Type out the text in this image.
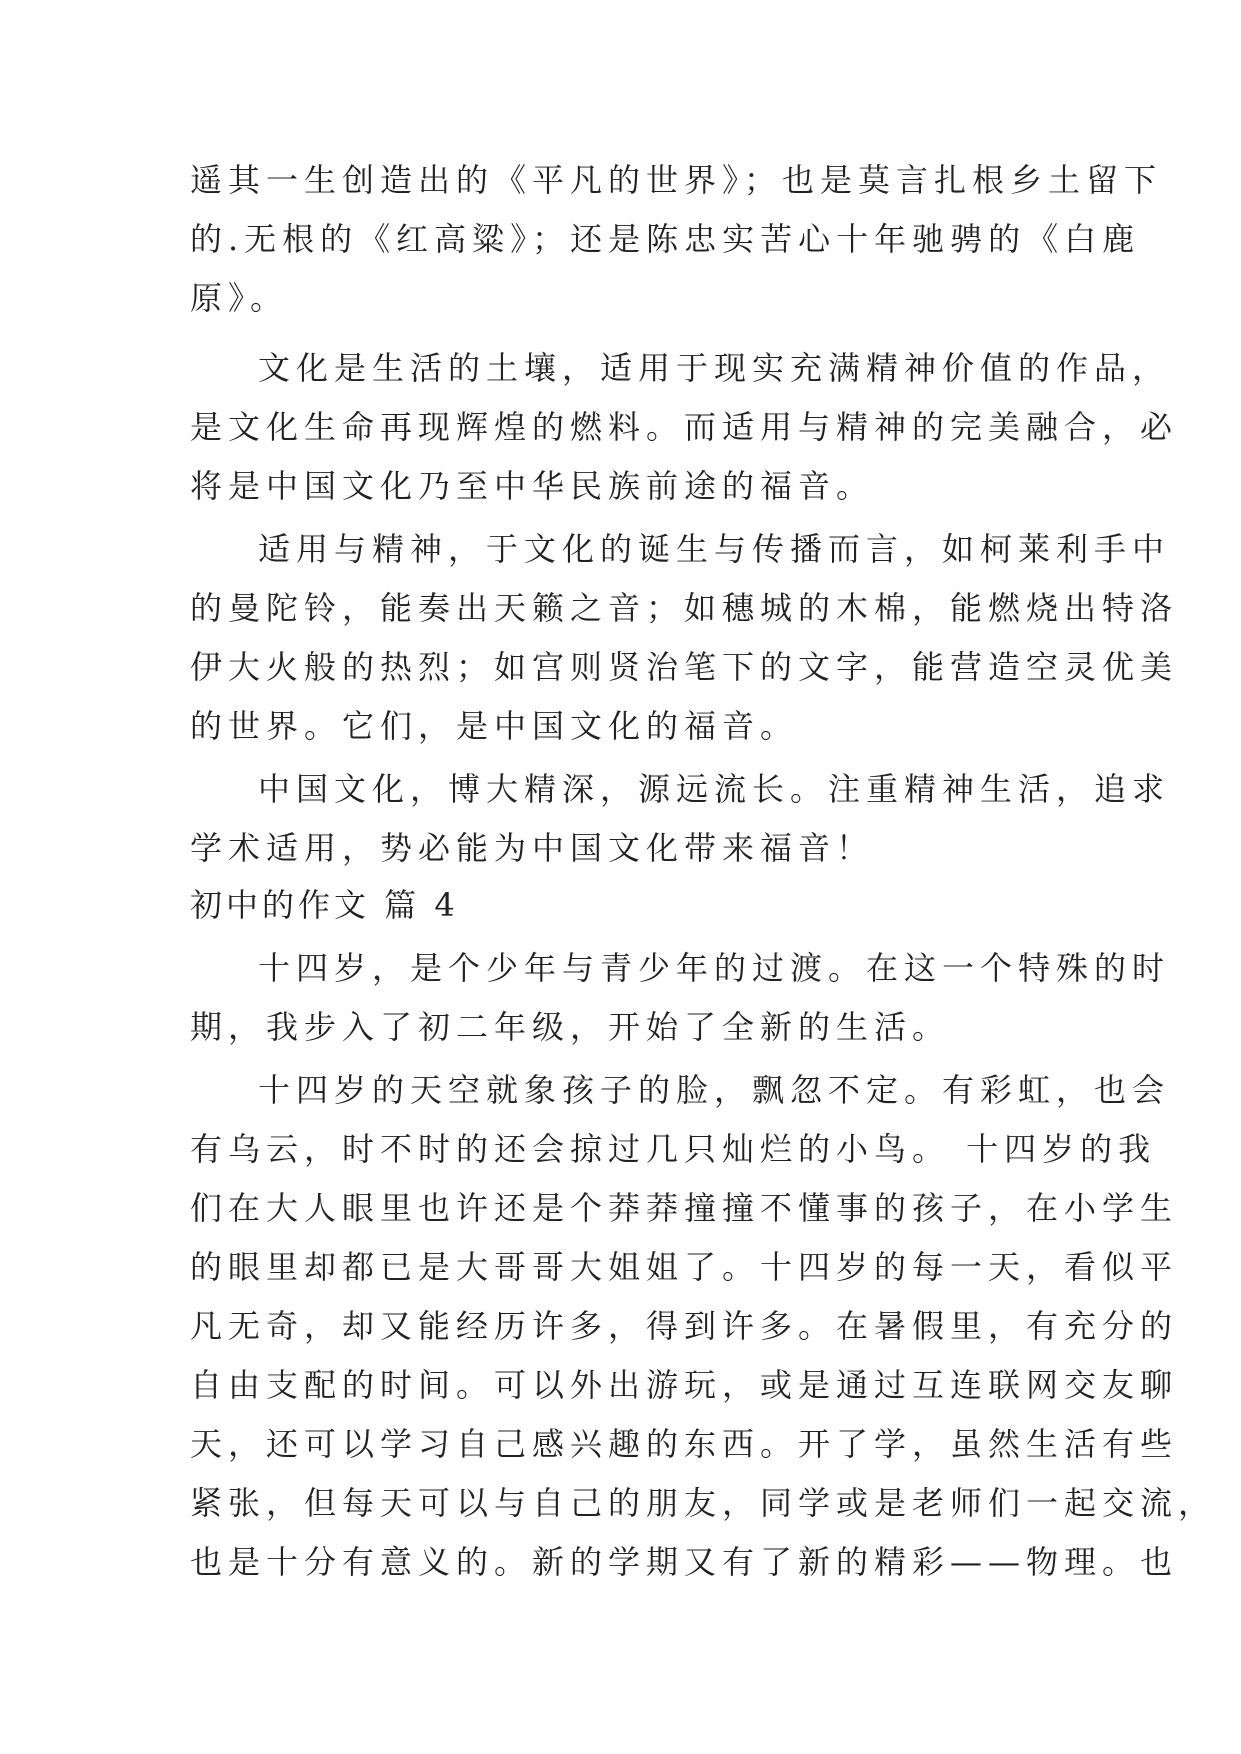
遥其一生创造出的《平凡的世界》；也是莫言扎根乡土留下
的.无根的《红高粱》；还是陈忠实苦心十年驰骋的《白鹿
原》。
文化是生活的土壤，适用于现实充满精神价值的作品，
是文化生命再现辉煌的燃料。而适用与精神的完美融合，必
将是中国文化乃至中华民族前途的福音。
适用与精神，于文化的诞生与传播而言，如柯莱利手中
的曼陀铃，能奏出天籁之音；如穗城的木棉，能燃烧出特洛
伊大火般的热烈；如宫则贤治笔下的文字，能营造空灵优美
的世界。它们，是中国文化的福音。
中国文化，博大精深，源远流长。注重精神生活，追求
学术适用，势必能为中国文化带来福音！
初中的作文 篇 4
十四岁，是个少年与青少年的过渡。在这一个特殊的时
期，我步入了初二年级，开始了全新的生活。
十四岁的天空就象孩子的脸，飘忽不定。有彩虹，也会
有乌云，时不时的还会掠过几只灿烂的小鸟。 十四岁的我
们在大人眼里也许还是个莽莽撞撞不懂事的孩子，在小学生
的眼里却都已是大哥哥大姐姐了。十四岁的每一天，看似平
凡无奇，却又能经历许多，得到许多。在暑假里，有充分的
自由支配的时间。可以外出游玩，或是通过互连联网交友聊
天，还可以学习自己感兴趣的东西。开了学，虽然生活有些
紧张，但每天可以与自己的朋友，同学或是老师们一起交流，
也是十分有意义的。新的学期又有了新的精彩——物理。也
